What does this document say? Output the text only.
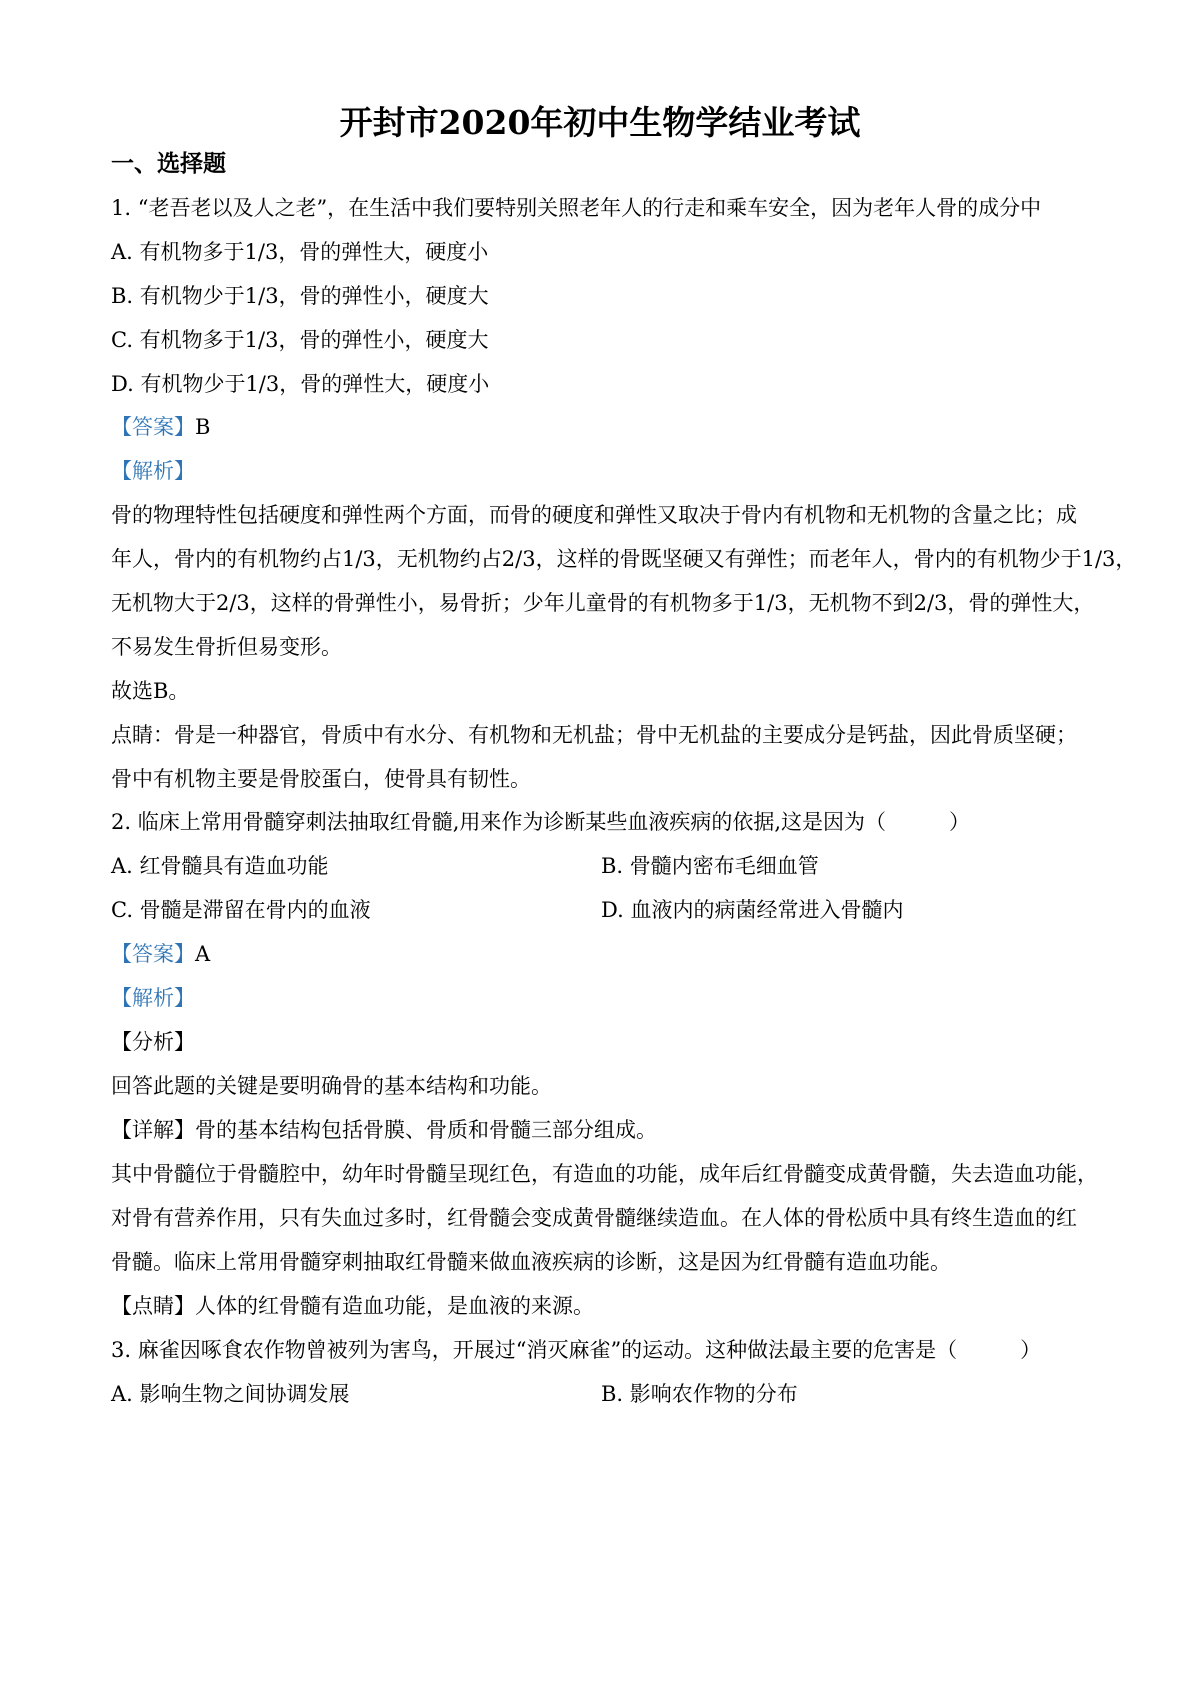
开封市2020年初中生物学结业考试
一、选择题
1. “老吾老以及人之老”，在生活中我们要特别关照老年人的行走和乘车安全，因为老年人骨的成分中
A. 有机物多于1/3，骨的弹性大，硬度小
B. 有机物少于1/3，骨的弹性小，硬度大
C. 有机物多于1/3，骨的弹性小，硬度大
D. 有机物少于1/3，骨的弹性大，硬度小
【答案】B
【解析】
骨的物理特性包括硬度和弹性两个方面，而骨的硬度和弹性又取决于骨内有机物和无机物的含量之比；成
年人，骨内的有机物约占1/3，无机物约占2/3，这样的骨既坚硬又有弹性；而老年人，骨内的有机物少于1/3，
无机物大于2/3，这样的骨弹性小，易骨折；少年儿童骨的有机物多于1/3，无机物不到2/3，骨的弹性大，
不易发生骨折但易变形。
故选B。
点睛：骨是一种器官，骨质中有水分、有机物和无机盐；骨中无机盐的主要成分是钙盐，因此骨质坚硬；
骨中有机物主要是骨胶蛋白，使骨具有韧性。
2. 临床上常用骨髓穿刺法抽取红骨髓,用来作为诊断某些血液疾病的依据,这是因为（　　　）
A. 红骨髓具有造血功能	B. 骨髓内密布毛细血管
C. 骨髓是滞留在骨内的血液	D. 血液内的病菌经常进入骨髓内
【答案】A
【解析】
【分析】
回答此题的关键是要明确骨的基本结构和功能。
【详解】骨的基本结构包括骨膜、骨质和骨髓三部分组成。
其中骨髓位于骨髓腔中，幼年时骨髓呈现红色，有造血的功能，成年后红骨髓变成黄骨髓，失去造血功能，
对骨有营养作用，只有失血过多时，红骨髓会变成黄骨髓继续造血。在人体的骨松质中具有终生造血的红
骨髓。临床上常用骨髓穿刺抽取红骨髓来做血液疾病的诊断，这是因为红骨髓有造血功能。
【点睛】人体的红骨髓有造血功能，是血液的来源。
3. 麻雀因啄食农作物曾被列为害鸟，开展过“消灭麻雀”的运动。这种做法最主要的危害是（　　　）
A. 影响生物之间协调发展	B. 影响农作物的分布
